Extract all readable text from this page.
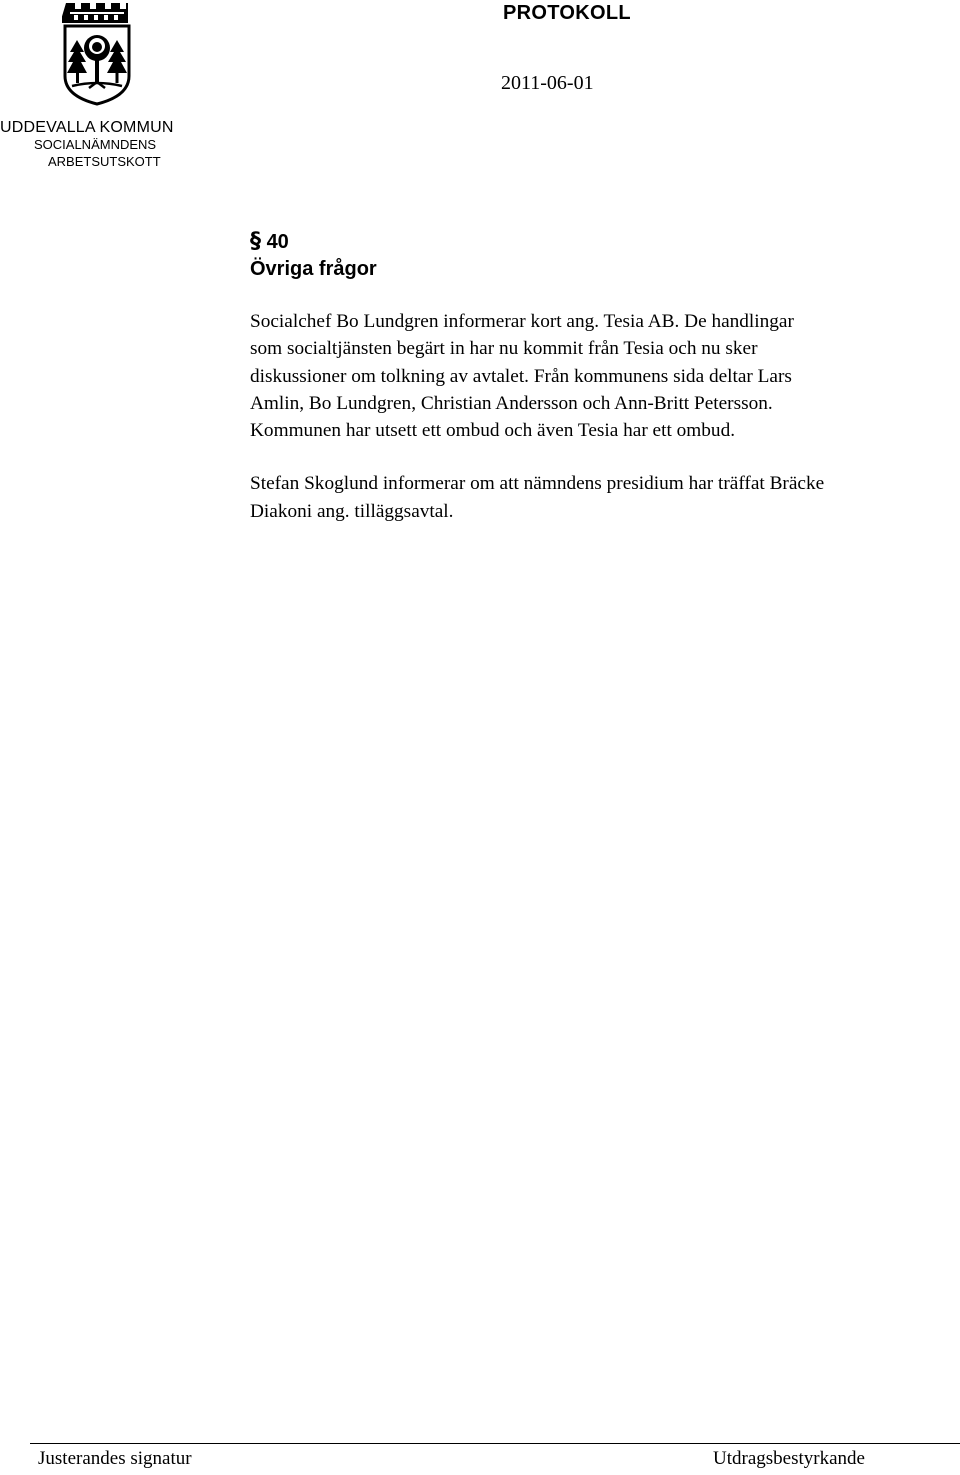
UDDEVALLA KOMMUN
SOCIALNÄMNDENS
ARBETSUTSKOTT
PROTOKOLL
2011-06-01
§ 40
Övriga frågor

Socialchef Bo Lundgren informerar kort ang. Tesia AB. De handlingar
som socialtjänsten begärt in har nu kommit från Tesia och nu sker
diskussioner om tolkning av avtalet. Från kommunens sida deltar Lars
Amlin, Bo Lundgren, Christian Andersson och Ann-Britt Petersson.
Kommunen har utsett ett ombud och även Tesia har ett ombud.

Stefan Skoglund informerar om att nämndens presidium har träffat Bräcke
Diakoni ang. tilläggsavtal.

Justerandes signatur	Utdragsbestyrkande
